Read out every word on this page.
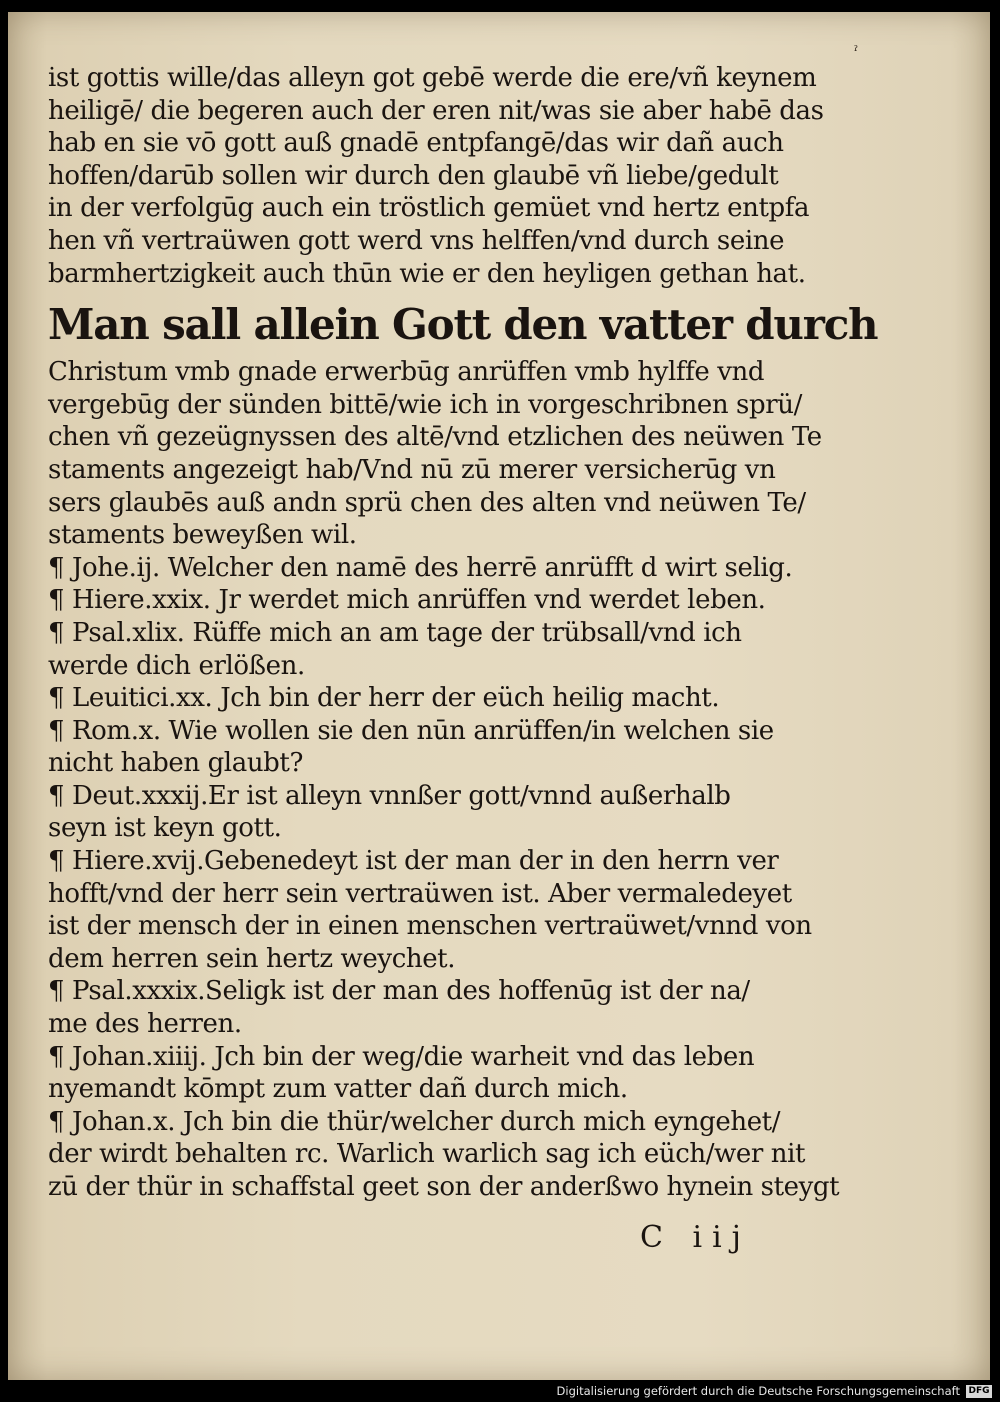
ˀ
ist gottis wille/das alleyn got gebē werde die ere/vñ keynem
heiligē/ die begeren auch der eren nit/was sie aber habē das
hab en sie vō gott auß gnadē entpfangē/das wir dañ auch
hoffen/darūb sollen wir durch den glaubē vñ liebe/gedult
in der verfolgūg auch ein tröstlich gemüet vnd hertz entpfa
hen vñ vertraüwen gott werd vns helffen/vnd durch seine
barmhertzigkeit auch thūn wie er den heyligen gethan hat.
Man sall allein Gott den vatter durch
Christum vmb gnade erwerbūg anrüffen vmb hylffe vnd
vergebūg der sünden bittē/wie ich in vorgeschribnen sprü/
chen vñ gezeügnyssen des altē/vnd etzlichen des neüwen Te
staments angezeigt hab/Vnd nū zū merer versicherūg vn
sers glaubēs auß andn sprü chen des alten vnd neüwen Te/
staments beweyßen wil.
¶ Johe.ij. Welcher den namē des herrē anrüfft d wirt selig.
¶ Hiere.xxix. Jr werdet mich anrüffen vnd werdet leben.
¶ Psal.xlix. Rüffe mich an am tage der trübsall/vnd ich
werde dich erlößen.
¶ Leuitici.xx. Jch bin der herr der eüch heilig macht.
¶ Rom.x. Wie wollen sie den nūn anrüffen/in welchen sie
nicht haben glaubt?
¶ Deut.xxxij.Er ist alleyn vnnßer gott/vnnd außerhalb
seyn ist keyn gott.
¶ Hiere.xvij.Gebenedeyt ist der man der in den herrn ver
hofft/vnd der herr sein vertraüwen ist. Aber vermaledeyet
ist der mensch der in einen menschen vertraüwet/vnnd von
dem herren sein hertz weychet.
¶ Psal.xxxix.Seligk ist der man des hoffenūg ist der na/
me des herren.
¶ Johan.xiiij. Jch bin der weg/die warheit vnd das leben
nyemandt kōmpt zum vatter dañ durch mich.
¶ Johan.x. Jch bin die thür/welcher durch mich eyngehet/
der wirdt behalten rc. Warlich warlich sag ich eüch/wer nit
zū der thür in schaffstal geet son der anderßwo hynein steygt
C iij
Digitalisierung gefördert durch die Deutsche Forschungsgemeinschaft DFG
